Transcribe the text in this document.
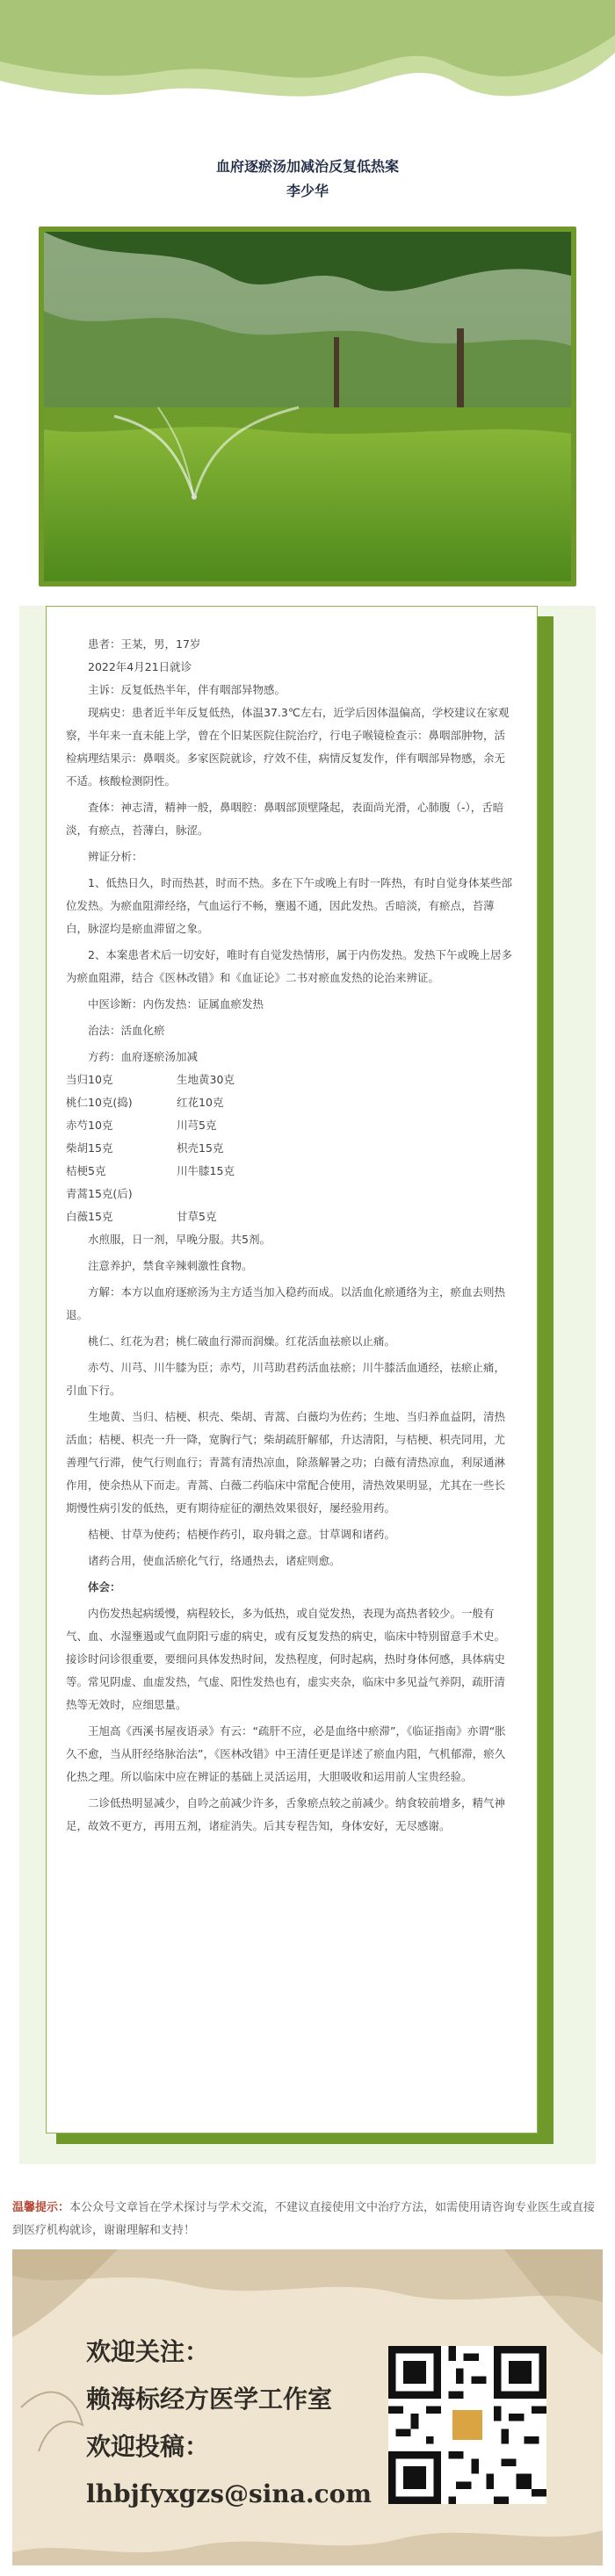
血府逐瘀汤加减治反复低热案
李少华

患者：王某，男，17岁

2022年4月21日就诊

主诉：反复低热半年，伴有咽部异物感。

现病史：患者近半年反复低热，体温37.3℃左右，近学后因体温偏高，学校建议在家观察，半年来一直未能上学，曾在个旧某医院住院治疗，行电子喉镜检查示：鼻咽部肿物，活检病理结果示：鼻咽炎。多家医院就诊，疗效不佳，病情反复发作，伴有咽部异物感，余无不适。核酸检测阴性。

查体：神志清，精神一般，鼻咽腔：鼻咽部顶壁隆起，表面尚光滑，心肺腹（-），舌暗淡，有瘀点，苔薄白，脉涩。

辨证分析：

1、低热日久，时而热甚，时而不热。多在下午或晚上有时一阵热，有时自觉身体某些部位发热。为瘀血阻滞经络，气血运行不畅，壅遏不通，因此发热。舌暗淡，有瘀点，苔薄白，脉涩均是瘀血滞留之象。

2、本案患者术后一切安好，唯时有自觉发热情形，属于内伤发热。发热下午或晚上居多为瘀血阻滞，结合《医林改错》和《血证论》二书对瘀血发热的论治来辨证。

中医诊断：内伤发热：证属血瘀发热

治法：活血化瘀

方药：血府逐瘀汤加减

当归10克	生地黄30克

桃仁10克(捣)	红花10克

赤芍10克	川芎5克

柴胡15克	枳壳15克

桔梗5克	川牛膝15克

青蒿15克(后)

白薇15克	甘草5克

水煎服，日一剂，早晚分服。共5剂。

注意养护，禁食辛辣刺激性食物。

方解：本方以血府逐瘀汤为主方适当加入稳药而成。以活血化瘀通络为主，瘀血去则热退。

桃仁、红花为君；桃仁破血行滞而润燥。红花活血祛瘀以止痛。

赤芍、川芎、川牛膝为臣；赤芍，川芎助君药活血祛瘀；川牛膝活血通经，祛瘀止痛，引血下行。

生地黄、当归、桔梗、枳壳、柴胡、青蒿、白薇均为佐药；生地、当归养血益阴，清热活血；桔梗、枳壳一升一降，宽胸行气；柴胡疏肝解郁，升达清阳，与桔梗、枳壳同用，尤善理气行滞，使气行则血行；青蒿有清热凉血，除蒸解暑之功；白薇有清热凉血，利尿通淋作用，使余热从下而走。青蒿、白薇二药临床中常配合使用，清热效果明显，尤其在一些长期慢性病引发的低热，更有期待症征的潮热效果很好，屡经验用药。

桔梗、甘草为使药；桔梗作药引，取舟辑之意。甘草调和诸药。

诸药合用，使血活瘀化气行，络通热去，诸症则愈。

体会：

内伤发热起病缓慢，病程较长，多为低热，或自觉发热，表现为高热者较少。一般有气、血、水湿壅遏或气血阴阳亏虚的病史，或有反复发热的病史，临床中特别留意手术史。接诊时问诊很重要，要细问具体发热时间，发热程度，何时起病，热时身体何感，具体病史等。常见阴虚、血虚发热，气虚、阳性发热也有，虚实夹杂，临床中多见益气养阴，疏肝清热等无效时，应细思量。

王旭高《西溪书屋夜语录》有云：“疏肝不应，必是血络中瘀滞”，《临证指南》亦谓“胀久不愈，当从肝经络脉治法”，《医林改错》中王清任更是详述了瘀血内阻，气机郁滞，瘀久化热之理。所以临床中应在辨证的基础上灵活运用，大胆吸收和运用前人宝贵经验。

二诊低热明显减少，自吟之前减少许多，舌象瘀点较之前减少。纳食较前增多，精气神足，故效不更方，再用五剂，诸症消失。后其专程告知，身体安好，无尽感谢。

温馨提示：本公众号文章旨在学术探讨与学术交流，不建议直接使用文中治疗方法，如需使用请咨询专业医生或直接到医疗机构就诊，谢谢理解和支持！
欢迎关注：
赖海标经方医学工作室
欢迎投稿：
lhbjfyxgzs@sina.com
